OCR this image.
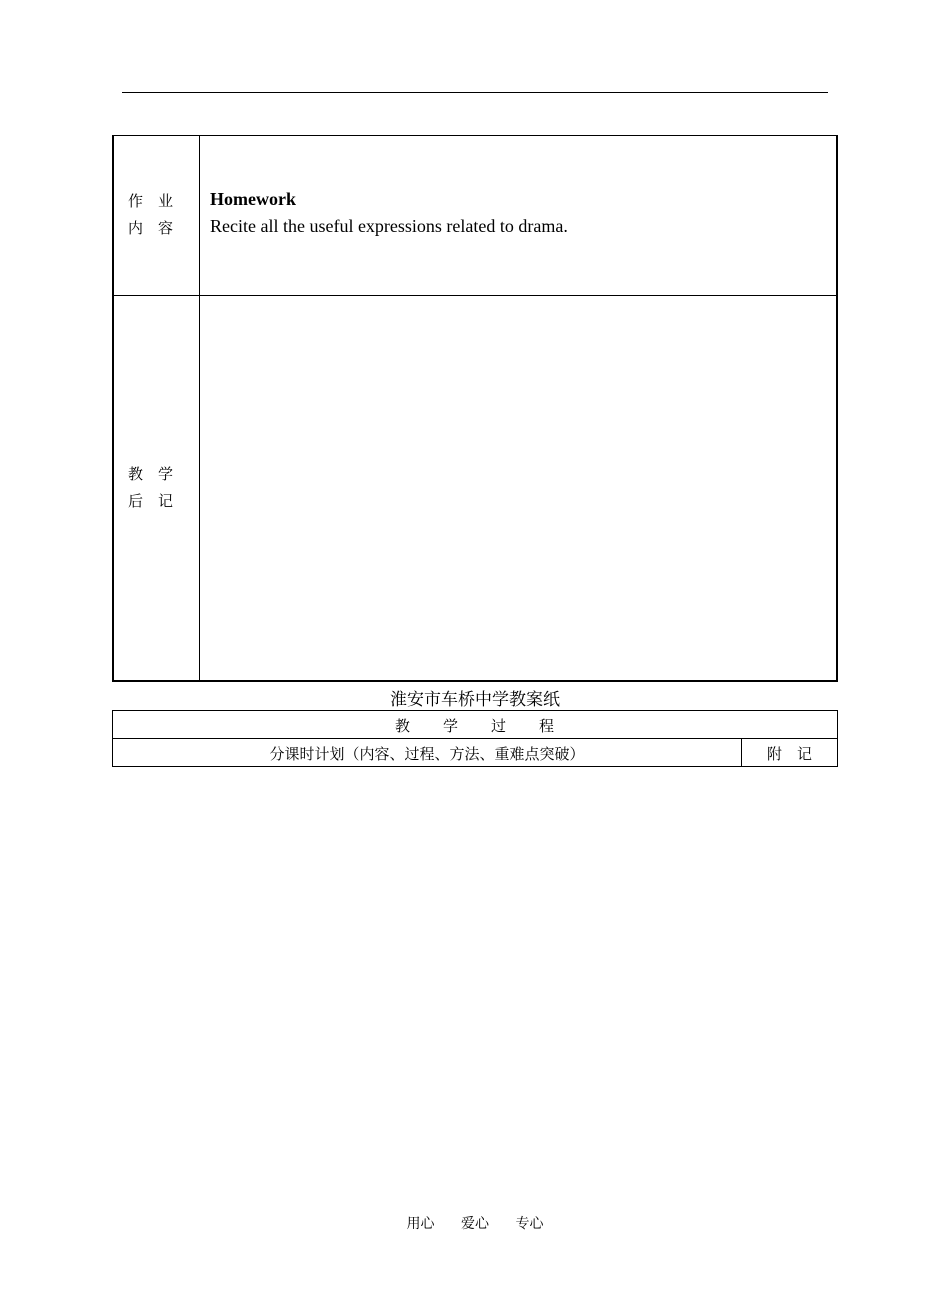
作　业
内　容
Homework
Recite all the useful expressions related to drama.
教　学
后　记
淮安市车桥中学教案纸
教　　学　　过　　程
分课时计划（内容、过程、方法、重难点突破）	附　记
用心 爱心 专心
